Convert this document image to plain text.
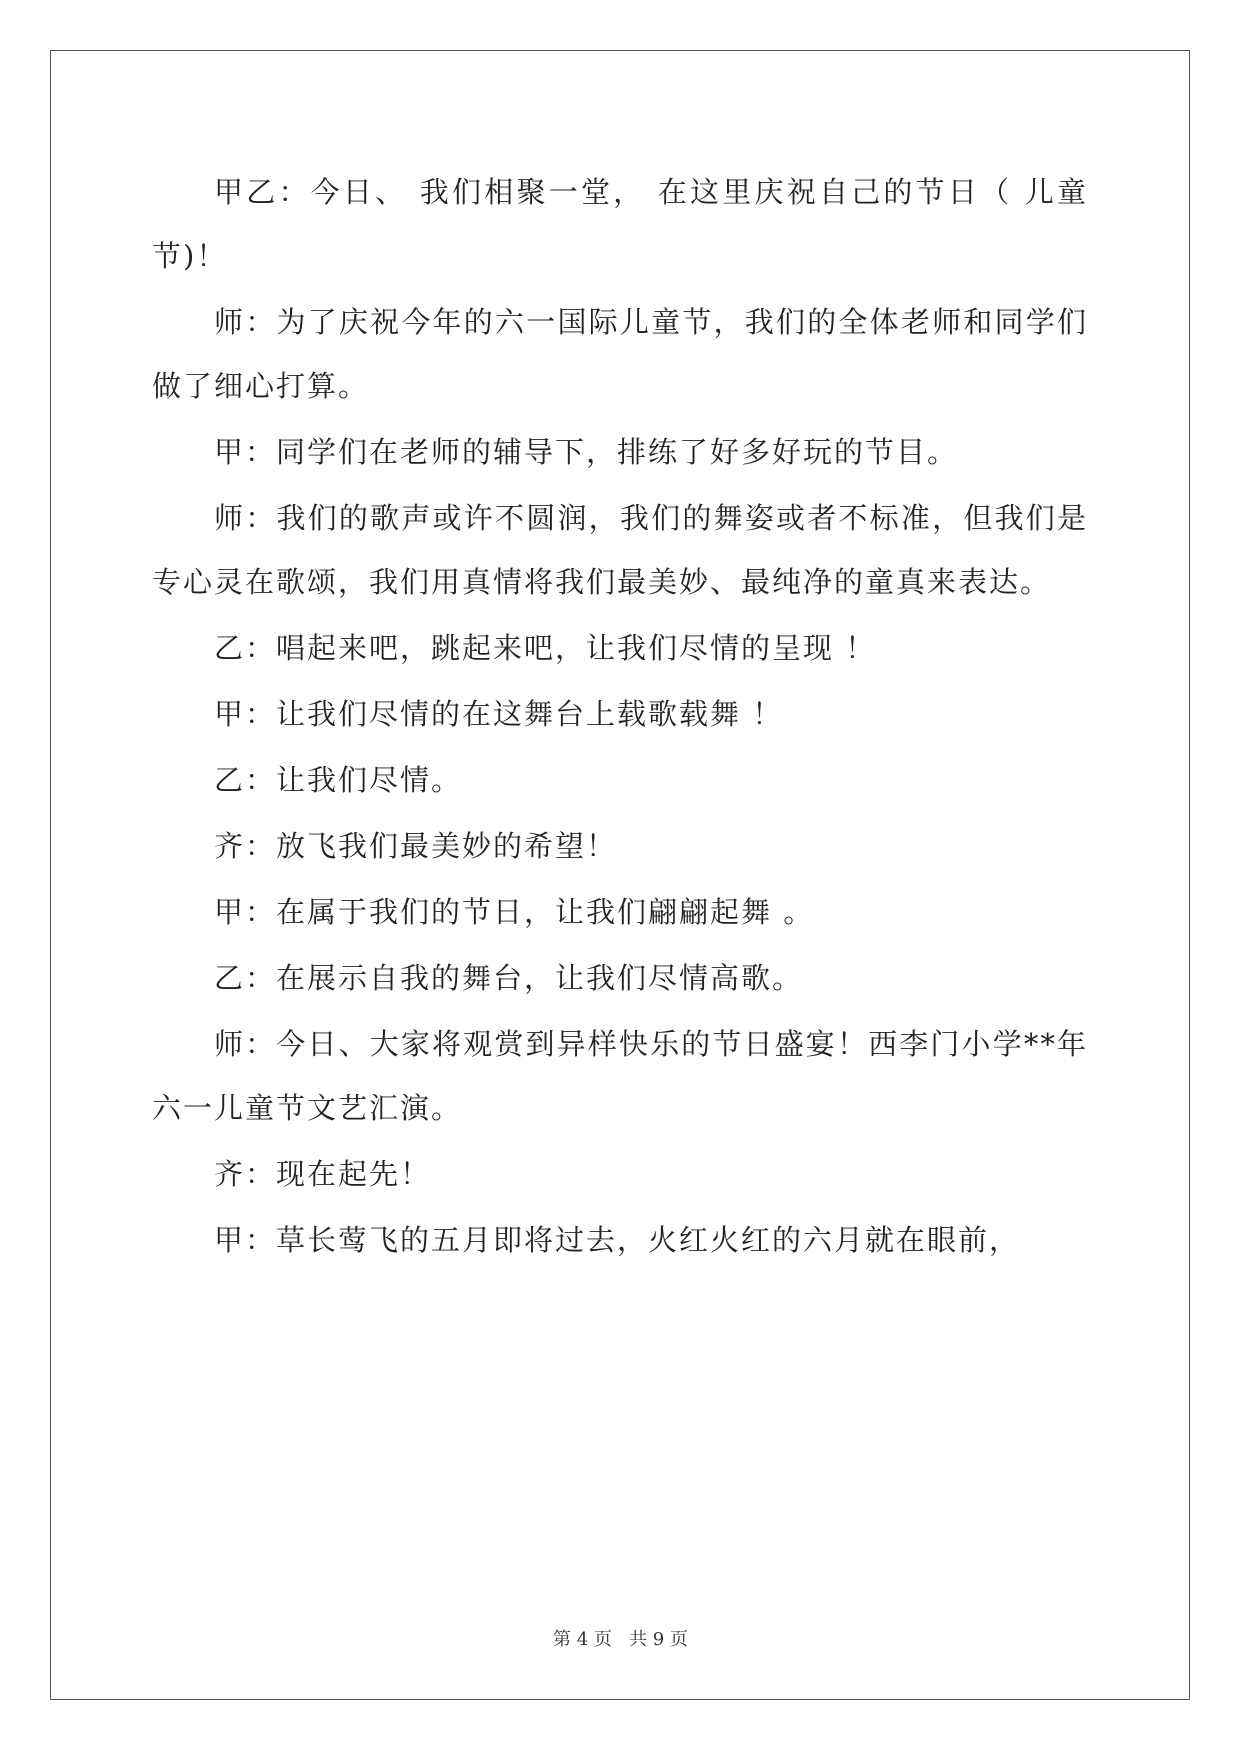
甲乙：今日、 我们相聚一堂， 在这里庆祝自己的节日（ 儿童节)！

师：为了庆祝今年的六一国际儿童节，我们的全体老师和同学们做了细心打算。

甲：同学们在老师的辅导下，排练了好多好玩的节目。

师：我们的歌声或许不圆润，我们的舞姿或者不标准，但我们是专心灵在歌颂，我们用真情将我们最美妙、最纯净的童真来表达。

乙：唱起来吧，跳起来吧，让我们尽情的呈现 ！

甲：让我们尽情的在这舞台上载歌载舞 ！

乙：让我们尽情。

齐：放飞我们最美妙的希望！

甲：在属于我们的节日，让我们翩翩起舞 。

乙：在展示自我的舞台，让我们尽情高歌。

师：今日、大家将观赏到异样快乐的节日盛宴！西李门小学**年六一儿童节文艺汇演。

齐：现在起先！

甲：草长莺飞的五月即将过去，火红火红的六月就在眼前，

第 4 页 共 9 页
